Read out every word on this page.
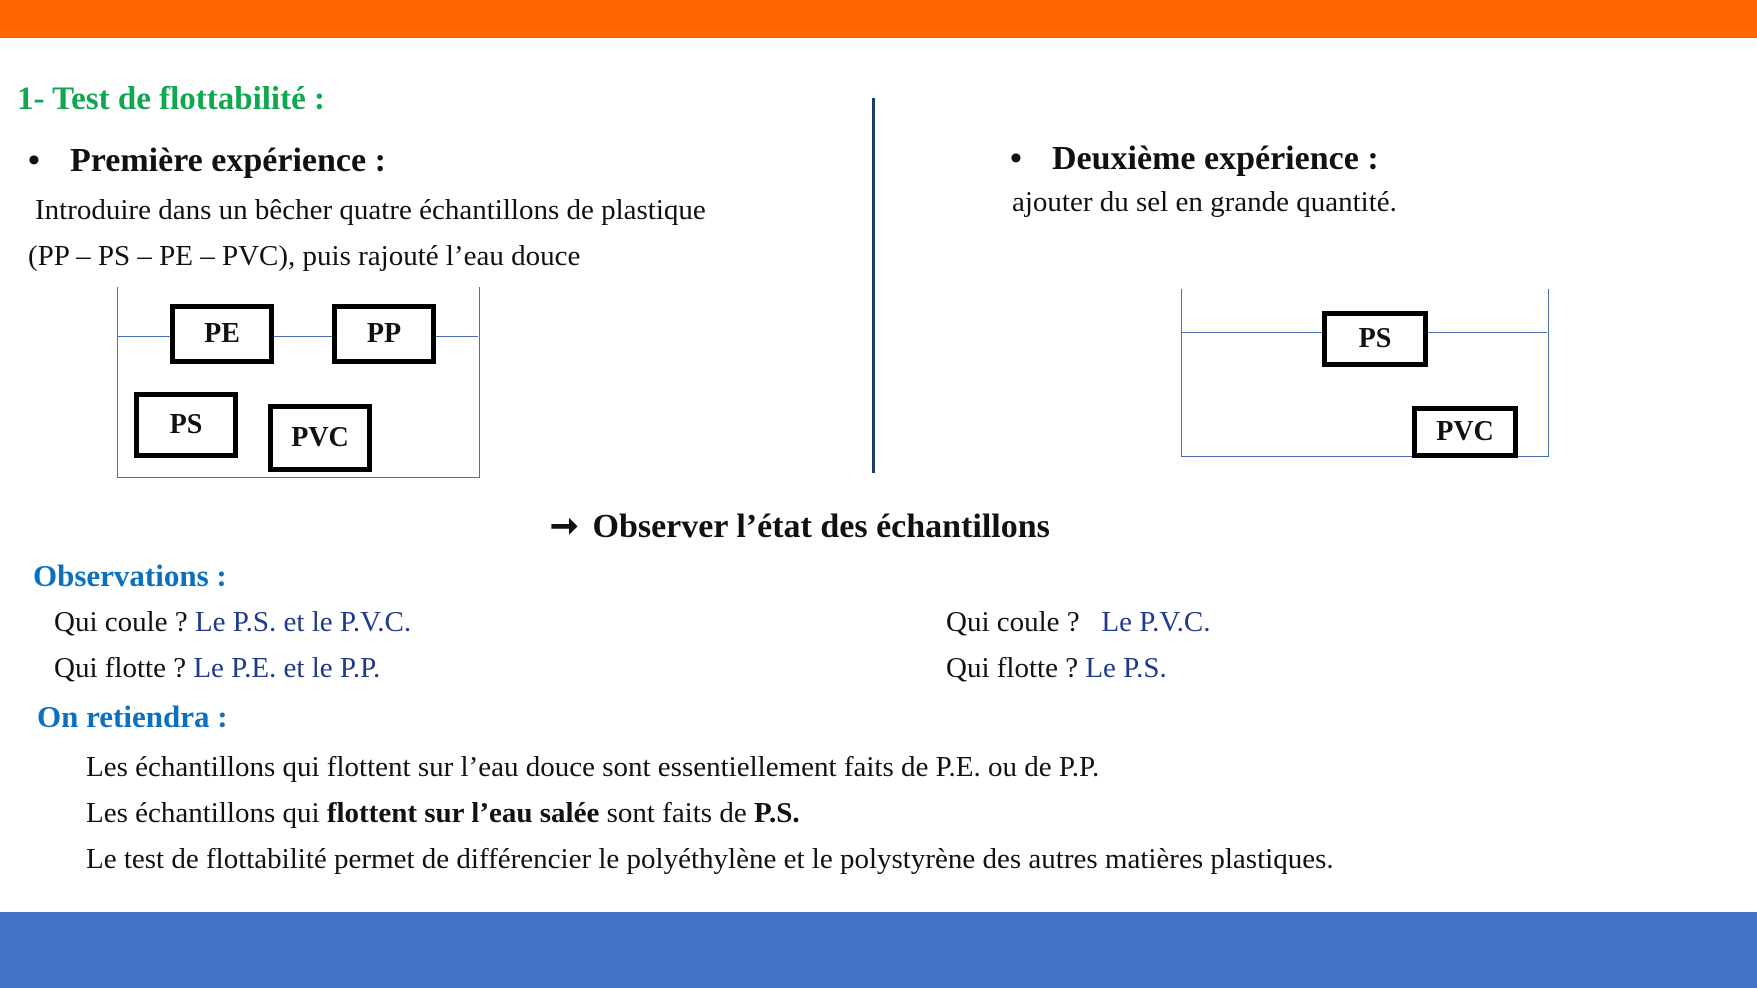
1- Test de flottabilité :
• Première expérience :
Introduire dans un bêcher quatre échantillons de plastique
(PP – PS – PE – PVC), puis rajouté l’eau douce
PE	PP
PS	PVC
• Deuxième expérience :
ajouter du sel en grande quantité.
PS
PVC
➞ Observer l’état des échantillons
Observations :
Qui coule ? Le P.S. et le P.V.C.
Qui flotte ? Le P.E. et le P.P.
Qui coule ? Le P.V.C.
Qui flotte ? Le P.S.
On retiendra :
Les échantillons qui flottent sur l’eau douce sont essentiellement faits de P.E. ou de P.P.
Les échantillons qui flottent sur l’eau salée sont faits de P.S.
Le test de flottabilité permet de différencier le polyéthylène et le polystyrène des autres matières plastiques.
